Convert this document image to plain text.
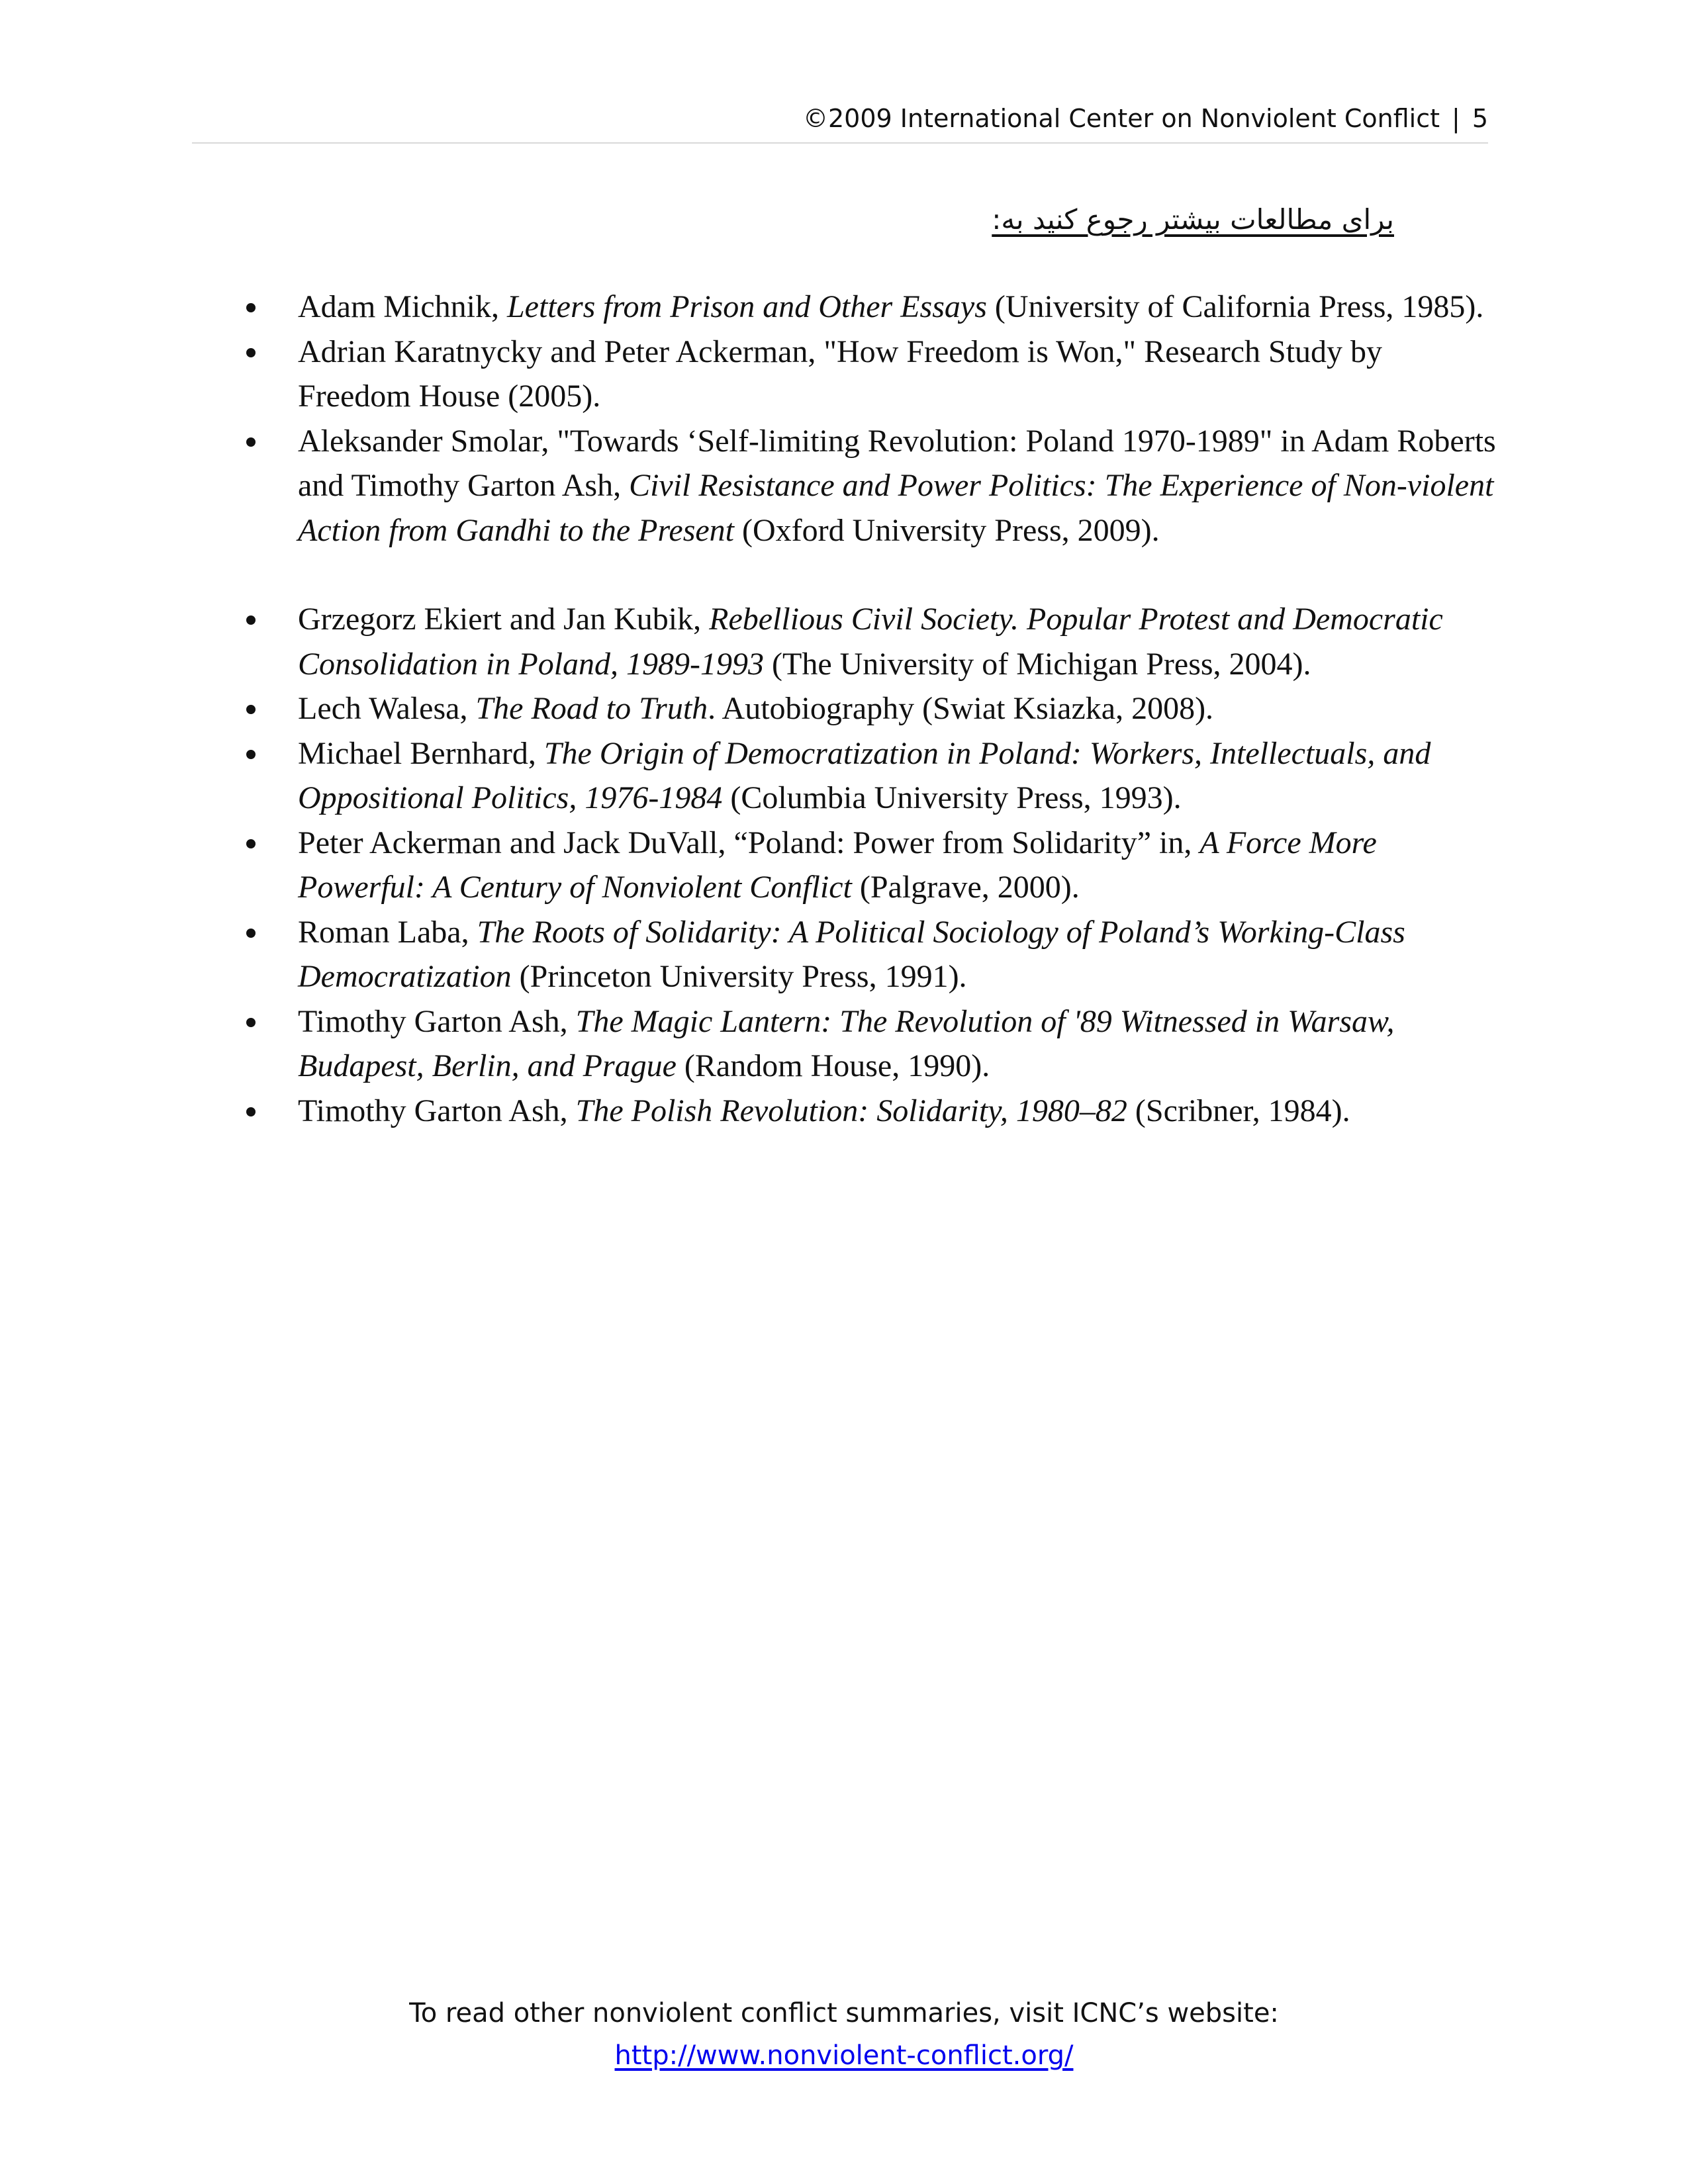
©2009 International Center on Nonviolent Conflict | 5
برای مطالعات بیشتر رجوع کنید به:
Adam Michnik, Letters from Prison and Other Essays (University of California Press, 1985).
Adrian Karatnycky and Peter Ackerman, "How Freedom is Won," Research Study by Freedom House (2005).
Aleksander Smolar, "Towards ‘Self-limiting Revolution: Poland 1970-1989" in Adam Roberts and Timothy Garton Ash, Civil Resistance and Power Politics: The Experience of Non-violent Action from Gandhi to the Present (Oxford University Press, 2009).
Grzegorz Ekiert and Jan Kubik, Rebellious Civil Society. Popular Protest and Democratic Consolidation in Poland, 1989-1993 (The University of Michigan Press, 2004).
Lech Walesa, The Road to Truth. Autobiography (Swiat Ksiazka, 2008).
Michael Bernhard, The Origin of Democratization in Poland: Workers, Intellectuals, and Oppositional Politics, 1976-1984 (Columbia University Press, 1993).
Peter Ackerman and Jack DuVall, “Poland: Power from Solidarity” in, A Force More Powerful: A Century of Nonviolent Conflict (Palgrave, 2000).
Roman Laba, The Roots of Solidarity: A Political Sociology of Poland’s Working-Class Democratization (Princeton University Press, 1991).
Timothy Garton Ash, The Magic Lantern: The Revolution of '89 Witnessed in Warsaw, Budapest, Berlin, and Prague (Random House, 1990).
Timothy Garton Ash, The Polish Revolution: Solidarity, 1980–82 (Scribner, 1984).
To read other nonviolent conflict summaries, visit ICNC’s website:
http://www.nonviolent-conflict.org/
